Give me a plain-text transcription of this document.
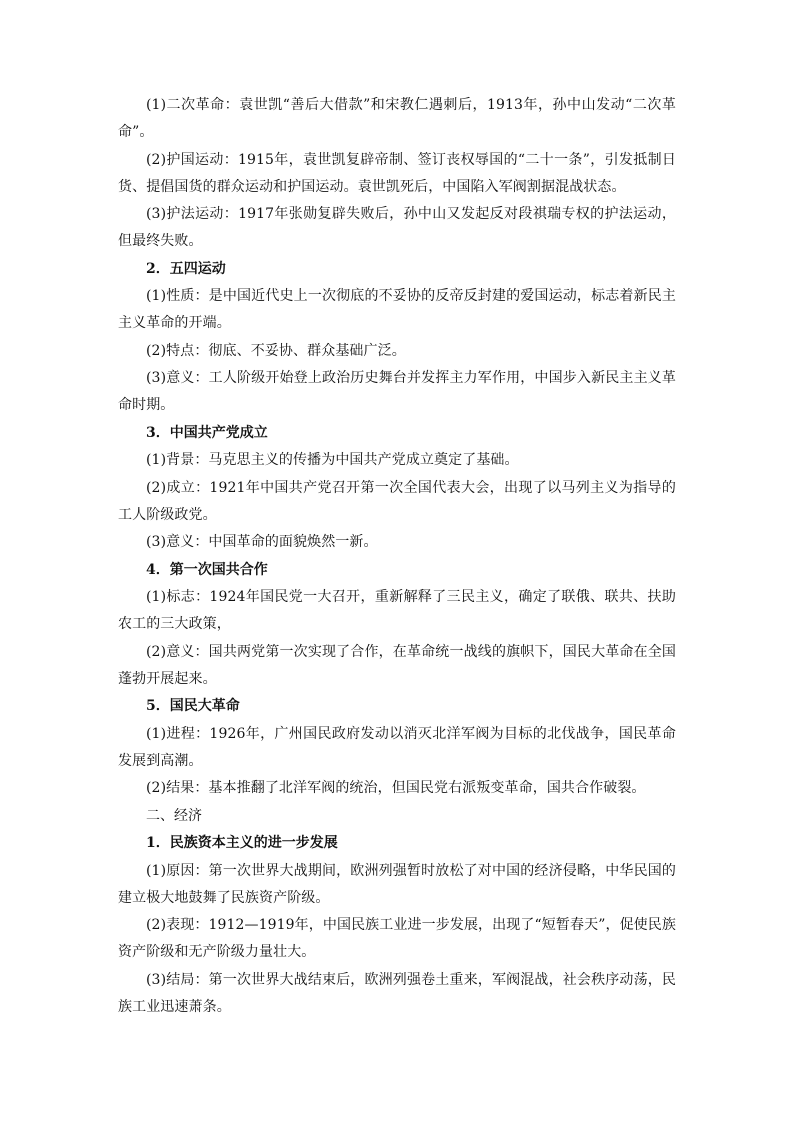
(1)二次革命：袁世凯“善后大借款”和宋教仁遇刺后，1913年，孙中山发动“二次革命”。

(2)护国运动：1915年，袁世凯复辟帝制、签订丧权辱国的“二十一条”，引发抵制日货、提倡国货的群众运动和护国运动。袁世凯死后，中国陷入军阀割据混战状态。

(3)护法运动：1917年张勋复辟失败后，孙中山又发起反对段祺瑞专权的护法运动，但最终失败。

2．五四运动

(1)性质：是中国近代史上一次彻底的不妥协的反帝反封建的爱国运动，标志着新民主主义革命的开端。

(2)特点：彻底、不妥协、群众基础广泛。

(3)意义：工人阶级开始登上政治历史舞台并发挥主力军作用，中国步入新民主主义革命时期。

3．中国共产党成立

(1)背景：马克思主义的传播为中国共产党成立奠定了基础。

(2)成立：1921年中国共产党召开第一次全国代表大会，出现了以马列主义为指导的工人阶级政党。

(3)意义：中国革命的面貌焕然一新。

4．第一次国共合作

(1)标志：1924年国民党一大召开，重新解释了三民主义，确定了联俄、联共、扶助农工的三大政策，

(2)意义：国共两党第一次实现了合作，在革命统一战线的旗帜下，国民大革命在全国蓬勃开展起来。

5．国民大革命

(1)进程：1926年，广州国民政府发动以消灭北洋军阀为目标的北伐战争，国民革命发展到高潮。

(2)结果：基本推翻了北洋军阀的统治，但国民党右派叛变革命，国共合作破裂。

二、经济

1．民族资本主义的进一步发展

(1)原因：第一次世界大战期间，欧洲列强暂时放松了对中国的经济侵略，中华民国的建立极大地鼓舞了民族资产阶级。

(2)表现：1912—1919年，中国民族工业进一步发展，出现了“短暂春天”，促使民族资产阶级和无产阶级力量壮大。

(3)结局：第一次世界大战结束后，欧洲列强卷土重来，军阀混战，社会秩序动荡，民族工业迅速萧条。
